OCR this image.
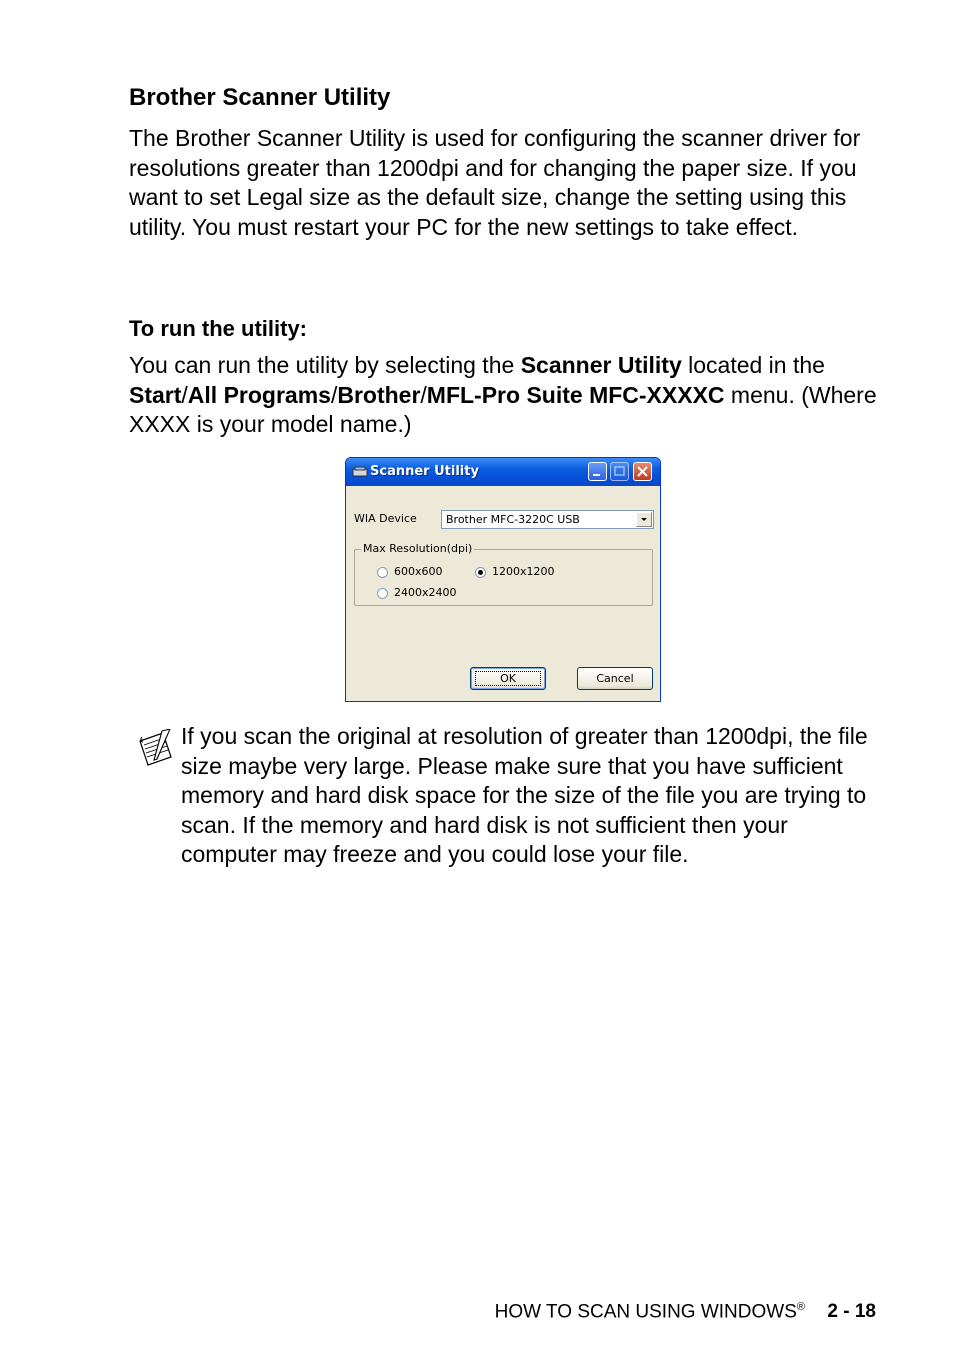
Brother Scanner Utility

The Brother Scanner Utility is used for configuring the scanner driver for resolutions greater than 1200dpi and for changing the paper size. If you want to set Legal size as the default size, change the setting using this utility. You must restart your PC for the new settings to take effect.

To run the utility:

You can run the utility by selecting the Scanner Utility located in the Start/All Programs/Brother/MFL-Pro Suite MFC-XXXXC menu. (Where XXXX is your model name.)

Scanner Utility
WIA Device	Brother MFC-3220C USB
Max Resolution(dpi)
600x600	1200x1200
2400x2400
OK	Cancel

If you scan the original at resolution of greater than 1200dpi, the file size maybe very large. Please make sure that you have sufficient memory and hard disk space for the size of the file you are trying to scan. If the memory and hard disk is not sufficient then your computer may freeze and you could lose your file.

HOW TO SCAN USING WINDOWS® 2 - 18
